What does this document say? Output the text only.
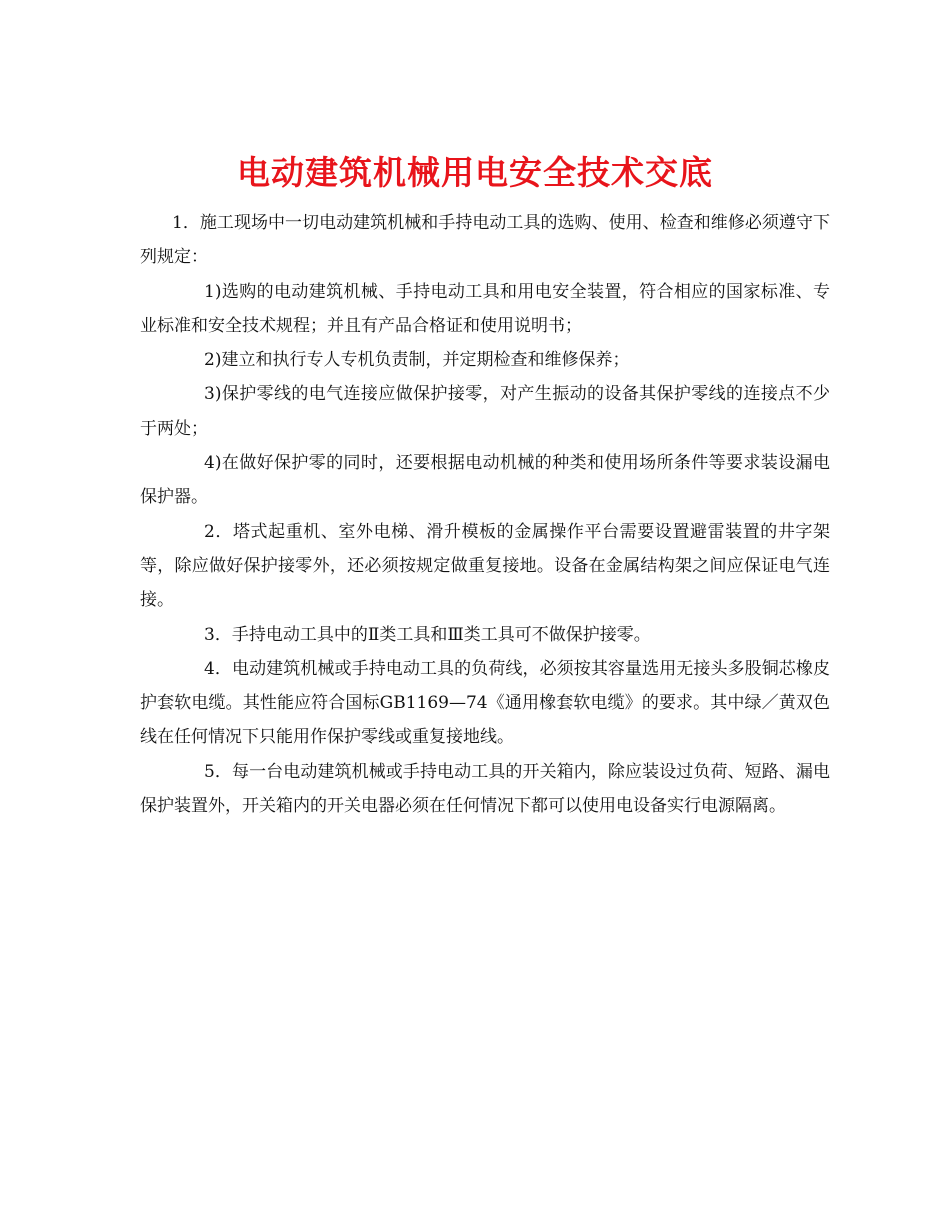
电动建筑机械用电安全技术交底

1．施工现场中一切电动建筑机械和手持电动工具的选购、使用、检查和维修必须遵守下列规定：

1)选购的电动建筑机械、手持电动工具和用电安全装置，符合相应的国家标准、专业标准和安全技术规程；并且有产品合格证和使用说明书；

2)建立和执行专人专机负责制，并定期检查和维修保养；

3)保护零线的电气连接应做保护接零，对产生振动的设备其保护零线的连接点不少于两处；

4)在做好保护零的同时，还要根据电动机械的种类和使用场所条件等要求装设漏电保护器。

2．塔式起重机、室外电梯、滑升模板的金属操作平台需要设置避雷装置的井字架等，除应做好保护接零外，还必须按规定做重复接地。设备在金属结构架之间应保证电气连接。

3．手持电动工具中的Ⅱ类工具和Ⅲ类工具可不做保护接零。

4．电动建筑机械或手持电动工具的负荷线，必须按其容量选用无接头多股铜芯橡皮护套软电缆。其性能应符合国标GB1169—74《通用橡套软电缆》的要求。其中绿／黄双色线在任何情况下只能用作保护零线或重复接地线。

5．每一台电动建筑机械或手持电动工具的开关箱内，除应装设过负荷、短路、漏电保护装置外，开关箱内的开关电器必须在任何情况下都可以使用电设备实行电源隔离。
